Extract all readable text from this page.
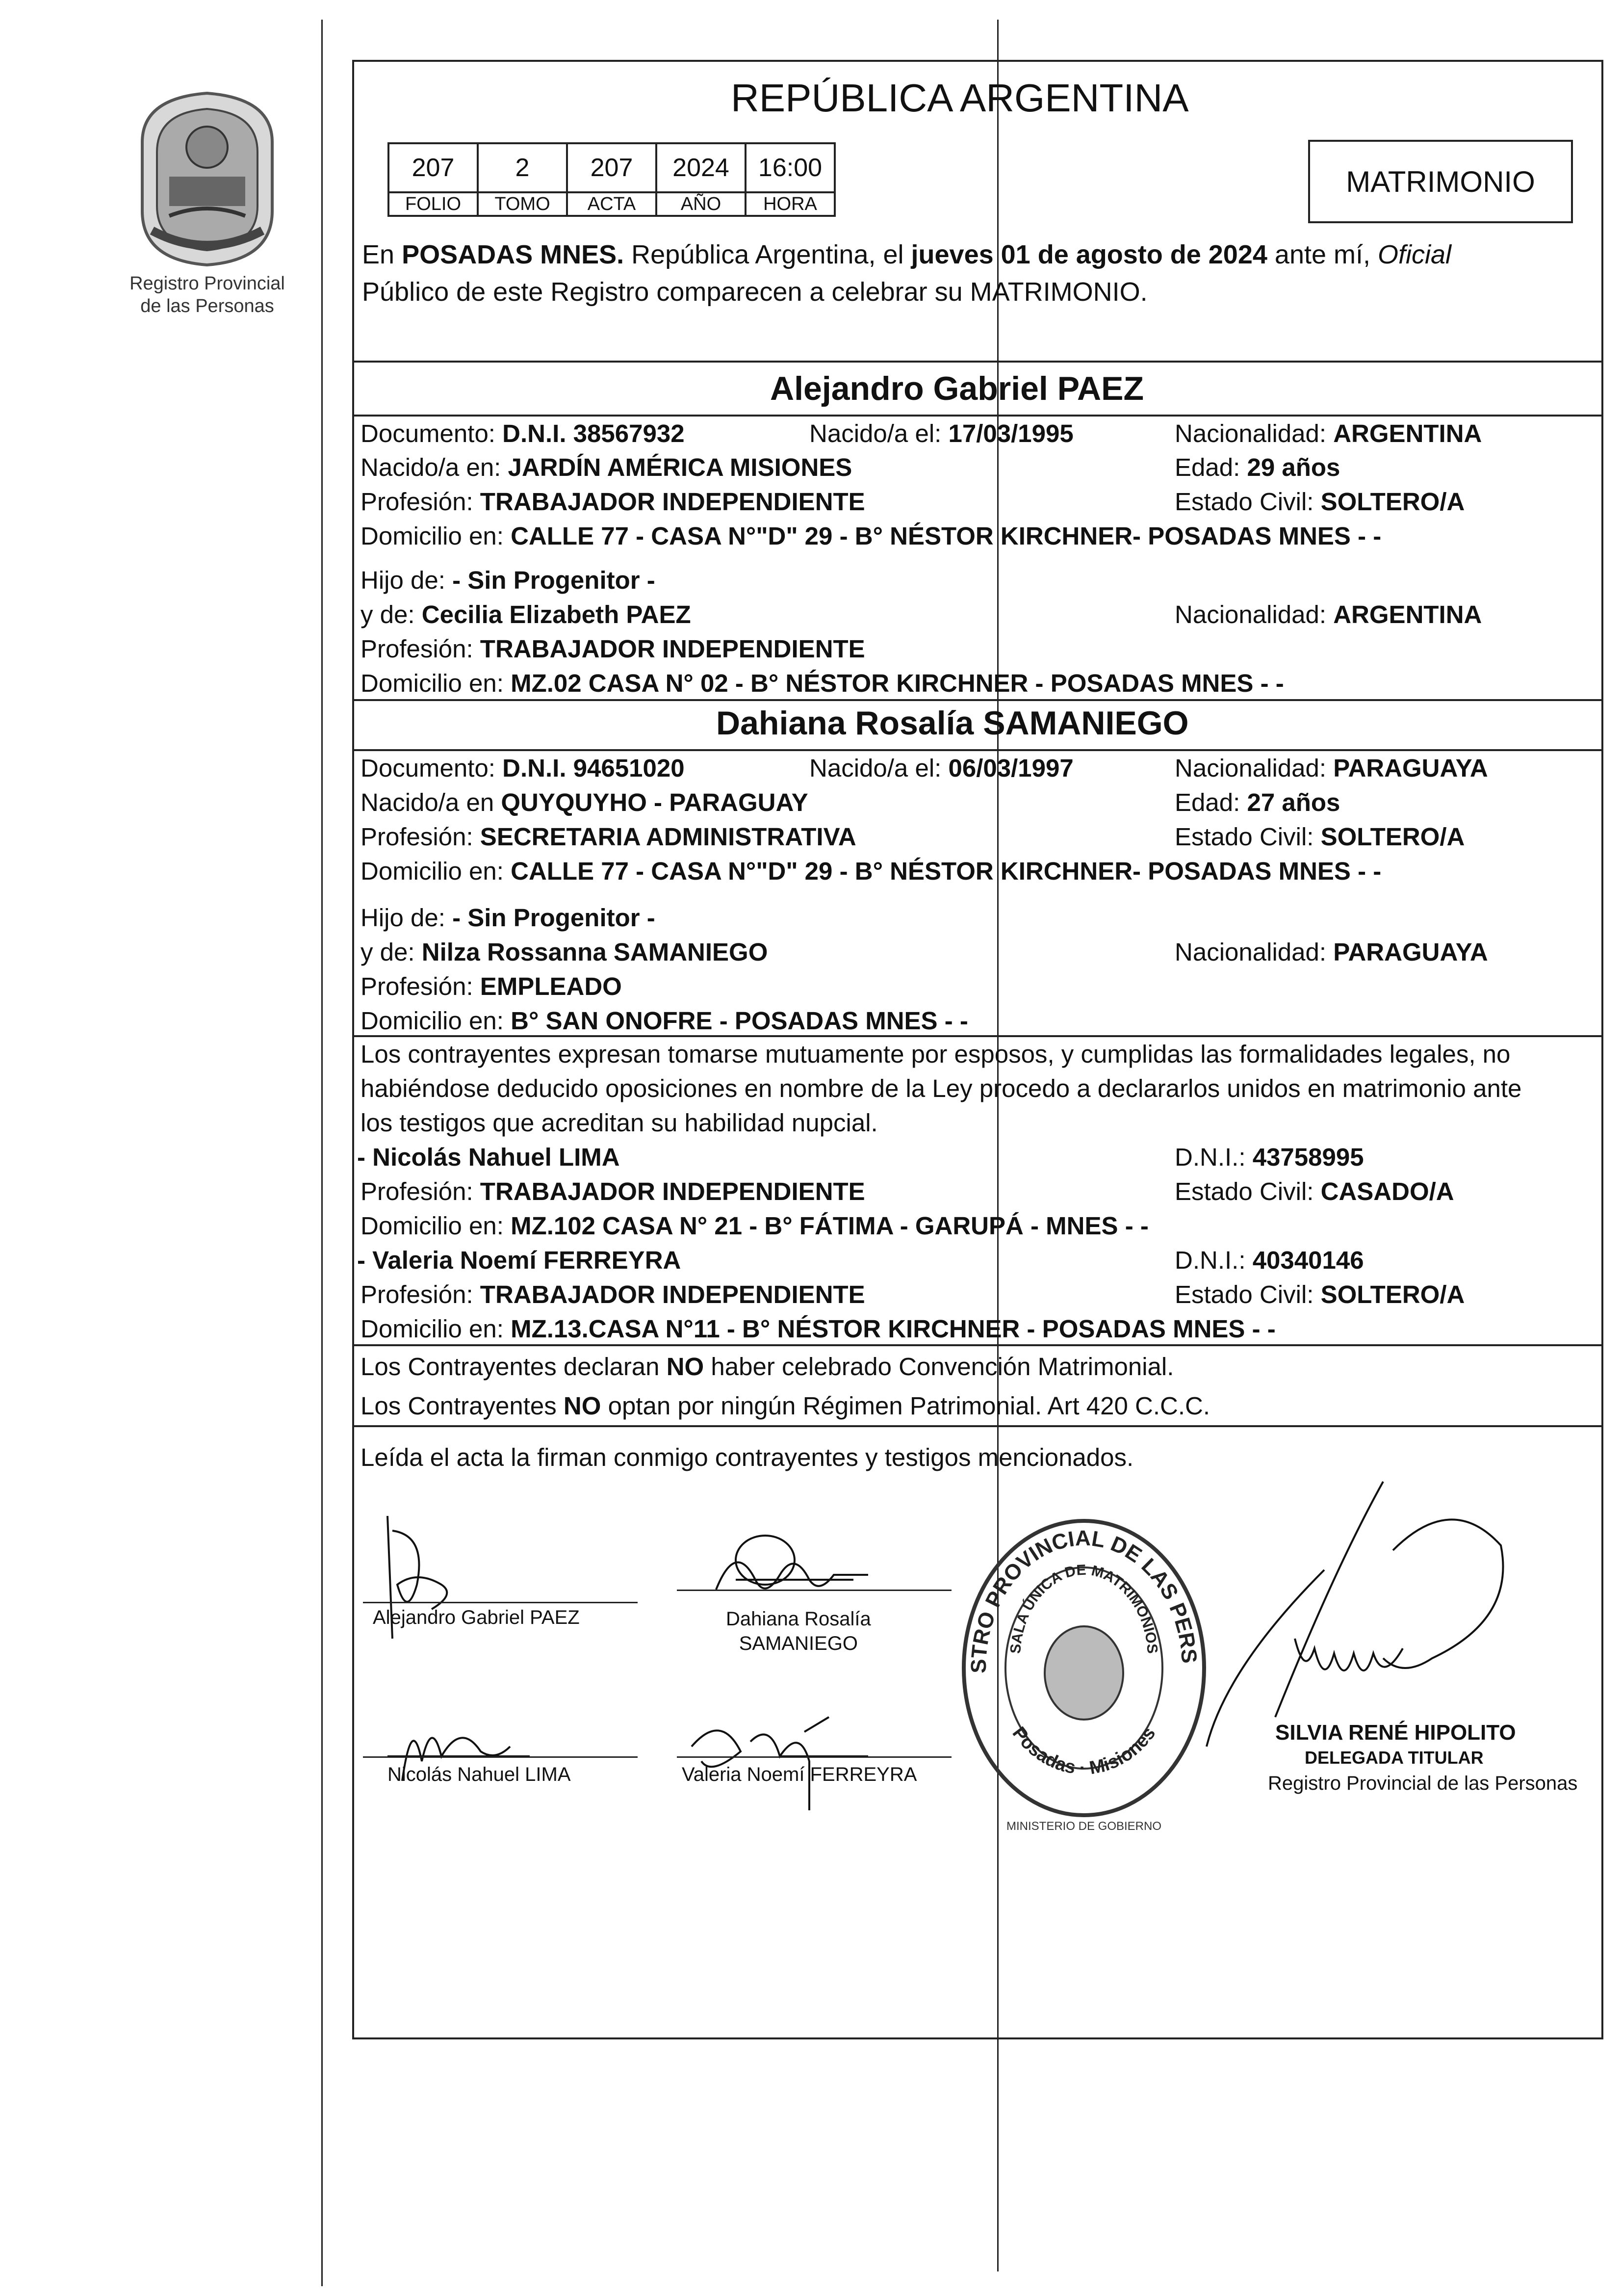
Registro Provincial
de las Personas
REPÚBLICA ARGENTINA
207	2	207	2024	16:00
FOLIO	TOMO	ACTA	AÑO	HORA
MATRIMONIO
En POSADAS MNES. República Argentina, el jueves 01 de agosto de 2024 ante mí, Oficial
Público de este Registro comparecen a celebrar su MATRIMONIO.
Alejandro Gabriel PAEZ
Documento: D.N.I. 38567932	Nacido/a el: 17/03/1995	Nacionalidad: ARGENTINA
Nacido/a en: JARDÍN AMÉRICA MISIONES	Edad: 29 años
Profesión: TRABAJADOR INDEPENDIENTE	Estado Civil: SOLTERO/A
Domicilio en: CALLE 77 - CASA N°"D" 29 - B° NÉSTOR KIRCHNER- POSADAS MNES - -
Hijo de: - Sin Progenitor -
y de: Cecilia Elizabeth PAEZ	Nacionalidad: ARGENTINA
Profesión: TRABAJADOR INDEPENDIENTE
Domicilio en: MZ.02 CASA N° 02 - B° NÉSTOR KIRCHNER - POSADAS MNES - -
Dahiana Rosalía SAMANIEGO
Documento: D.N.I. 94651020	Nacido/a el: 06/03/1997	Nacionalidad: PARAGUAYA
Nacido/a en QUYQUYHO - PARAGUAY	Edad: 27 años
Profesión: SECRETARIA ADMINISTRATIVA	Estado Civil: SOLTERO/A
Domicilio en: CALLE 77 - CASA N°"D" 29 - B° NÉSTOR KIRCHNER- POSADAS MNES - -
Hijo de: - Sin Progenitor -
y de: Nilza Rossanna SAMANIEGO	Nacionalidad: PARAGUAYA
Profesión: EMPLEADO
Domicilio en: B° SAN ONOFRE - POSADAS MNES - -
Los contrayentes expresan tomarse mutuamente por esposos, y cumplidas las formalidades legales, no
habiéndose deducido oposiciones en nombre de la Ley procedo a declararlos unidos en matrimonio ante
los testigos que acreditan su habilidad nupcial.
- Nicolás Nahuel LIMA	D.N.I.: 43758995
Profesión: TRABAJADOR INDEPENDIENTE	Estado Civil: CASADO/A
Domicilio en: MZ.102 CASA N° 21 - B° FÁTIMA - GARUPÁ - MNES - -
- Valeria Noemí FERREYRA	D.N.I.: 40340146
Profesión: TRABAJADOR INDEPENDIENTE	Estado Civil: SOLTERO/A
Domicilio en: MZ.13.CASA N°11 - B° NÉSTOR KIRCHNER - POSADAS MNES - -
Los Contrayentes declaran NO haber celebrado Convención Matrimonial.
Los Contrayentes NO optan por ningún Régimen Patrimonial. Art 420 C.C.C.
Leída el acta la firman conmigo contrayentes y testigos mencionados.
Alejandro Gabriel PAEZ	Dahiana Rosalía
SAMANIEGO
Nicolás Nahuel LIMA	Valeria Noemí FERREYRA
STRO PROVINCIAL DE LAS PERS
SALA ÚNICA DE MATRIMONIOS
Posadas · Misiones
MINISTERIO DE GOBIERNO
SILVIA RENÉ HIPOLITO
DELEGADA TITULAR
Registro Provincial de las Personas
